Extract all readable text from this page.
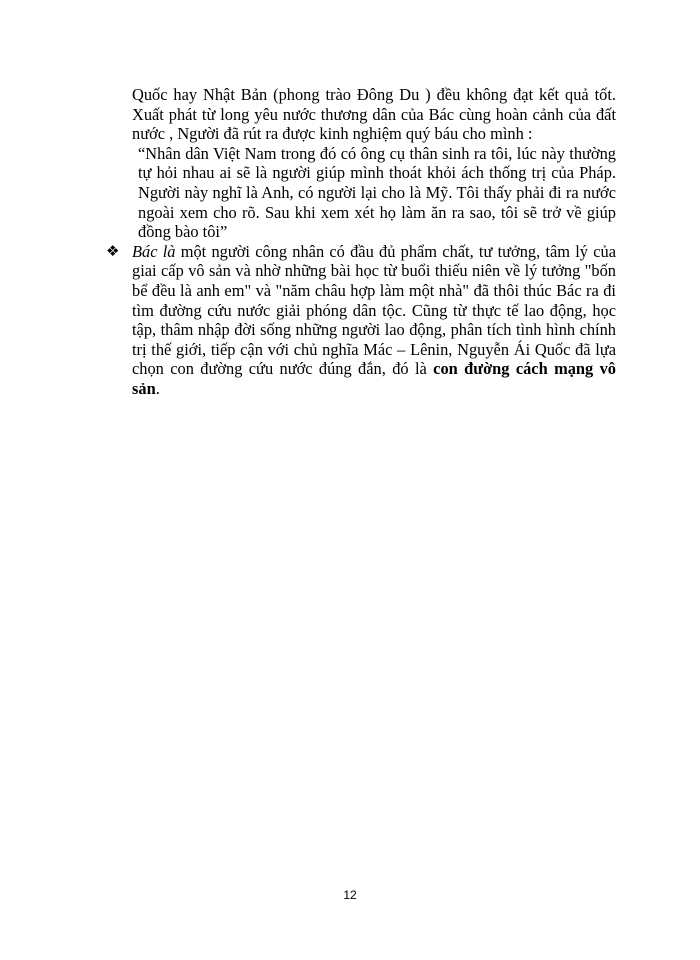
Quốc hay Nhật Bản (phong trào Đông Du ) đều không đạt kết quả tốt. Xuất phát từ long yêu nước thương dân của Bác cùng hoàn cảnh của đất nước , Người đã rút ra được kinh nghiệm quý báu cho mình :
“Nhân dân Việt Nam trong đó có ông cụ thân sinh ra tôi, lúc này thường tự hỏi nhau ai sẽ là người giúp mình thoát khỏi ách thống trị của Pháp. Người này nghĩ là Anh, có người lại cho là Mỹ. Tôi thấy phải đi ra nước ngoài xem cho rõ. Sau khi xem xét họ làm ăn ra sao, tôi sẽ trở về giúp đồng bào tôi”
❖ Bác là một người công nhân có đầu đủ phẩm chất, tư tưởng, tâm lý của giai cấp vô sản và nhờ những bài học từ buổi thiếu niên về lý tưởng "bốn bể đều là anh em" và "năm châu hợp làm một nhà" đã thôi thúc Bác ra đi tìm đường cứu nước giải phóng dân tộc. Cũng từ thực tế lao động, học tập, thâm nhập đời sống những người lao động, phân tích tình hình chính trị thế giới, tiếp cận với chủ nghĩa Mác – Lênin, Nguyễn Ái Quốc đã lựa chọn con đường cứu nước đúng đắn, đó là con đường cách mạng vô sản.
12
